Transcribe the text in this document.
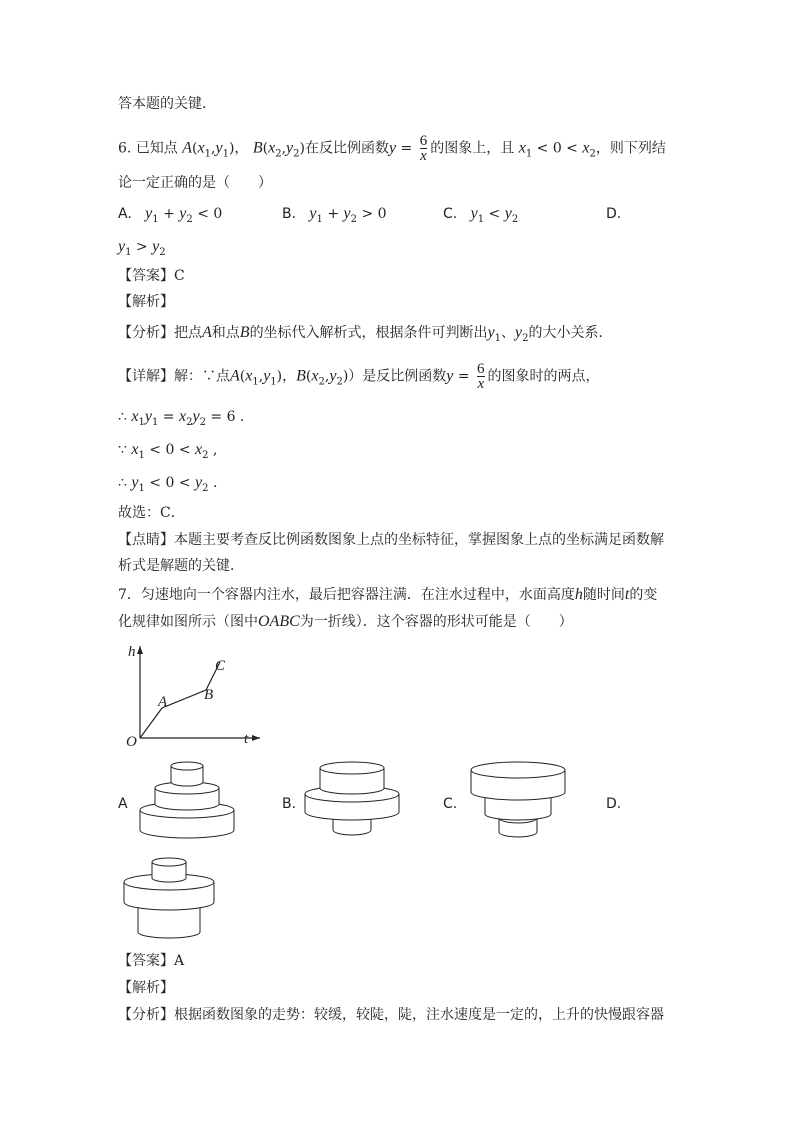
答本题的关键．
6. 已知点 $A(x_1,y_1)$， $B(x_2,y_2)$在反比例函数$y = \frac{6}{x}$ 的图象上，且 $x_1 < 0 < x_2$，则下列结
论一定正确的是（　　）
A. $y_1 + y_2 < 0$	B. $y_1 + y_2 > 0$	C. $y_1 < y_2$	D.
$y_1 > y_2$
【答案】C
【解析】
【分析】把点A和点B的坐标代入解析式，根据条件可判断出$y_1$、$y_2$的大小关系．
【详解】解：∵点$A(x_1,y_1)$，$B(x_2,y_2)$）是反比例函数$y = \frac{6}{x}$ 的图象时的两点，
∴ $x_1y_1 = x_2y_2 = 6$ .
∵ $x_1 < 0 < x_2$ ,
∴ $y_1 < 0 < y_2$ .
故选：C．
【点睛】本题主要考查反比例函数图象上点的坐标特征，掌握图象上点的坐标满足函数解
析式是解题的关键．
7．匀速地向一个容器内注水，最后把容器注满．在注水过程中，水面高度h随时间t的变
化规律如图所示（图中OABC为一折线）．这个容器的形状可能是（　　）
h
t
O
A B
C
A	B.	C.	D.
【答案】A
【解析】
【分析】根据函数图象的走势：较缓，较陡，陡，注水速度是一定的，上升的快慢跟容器
